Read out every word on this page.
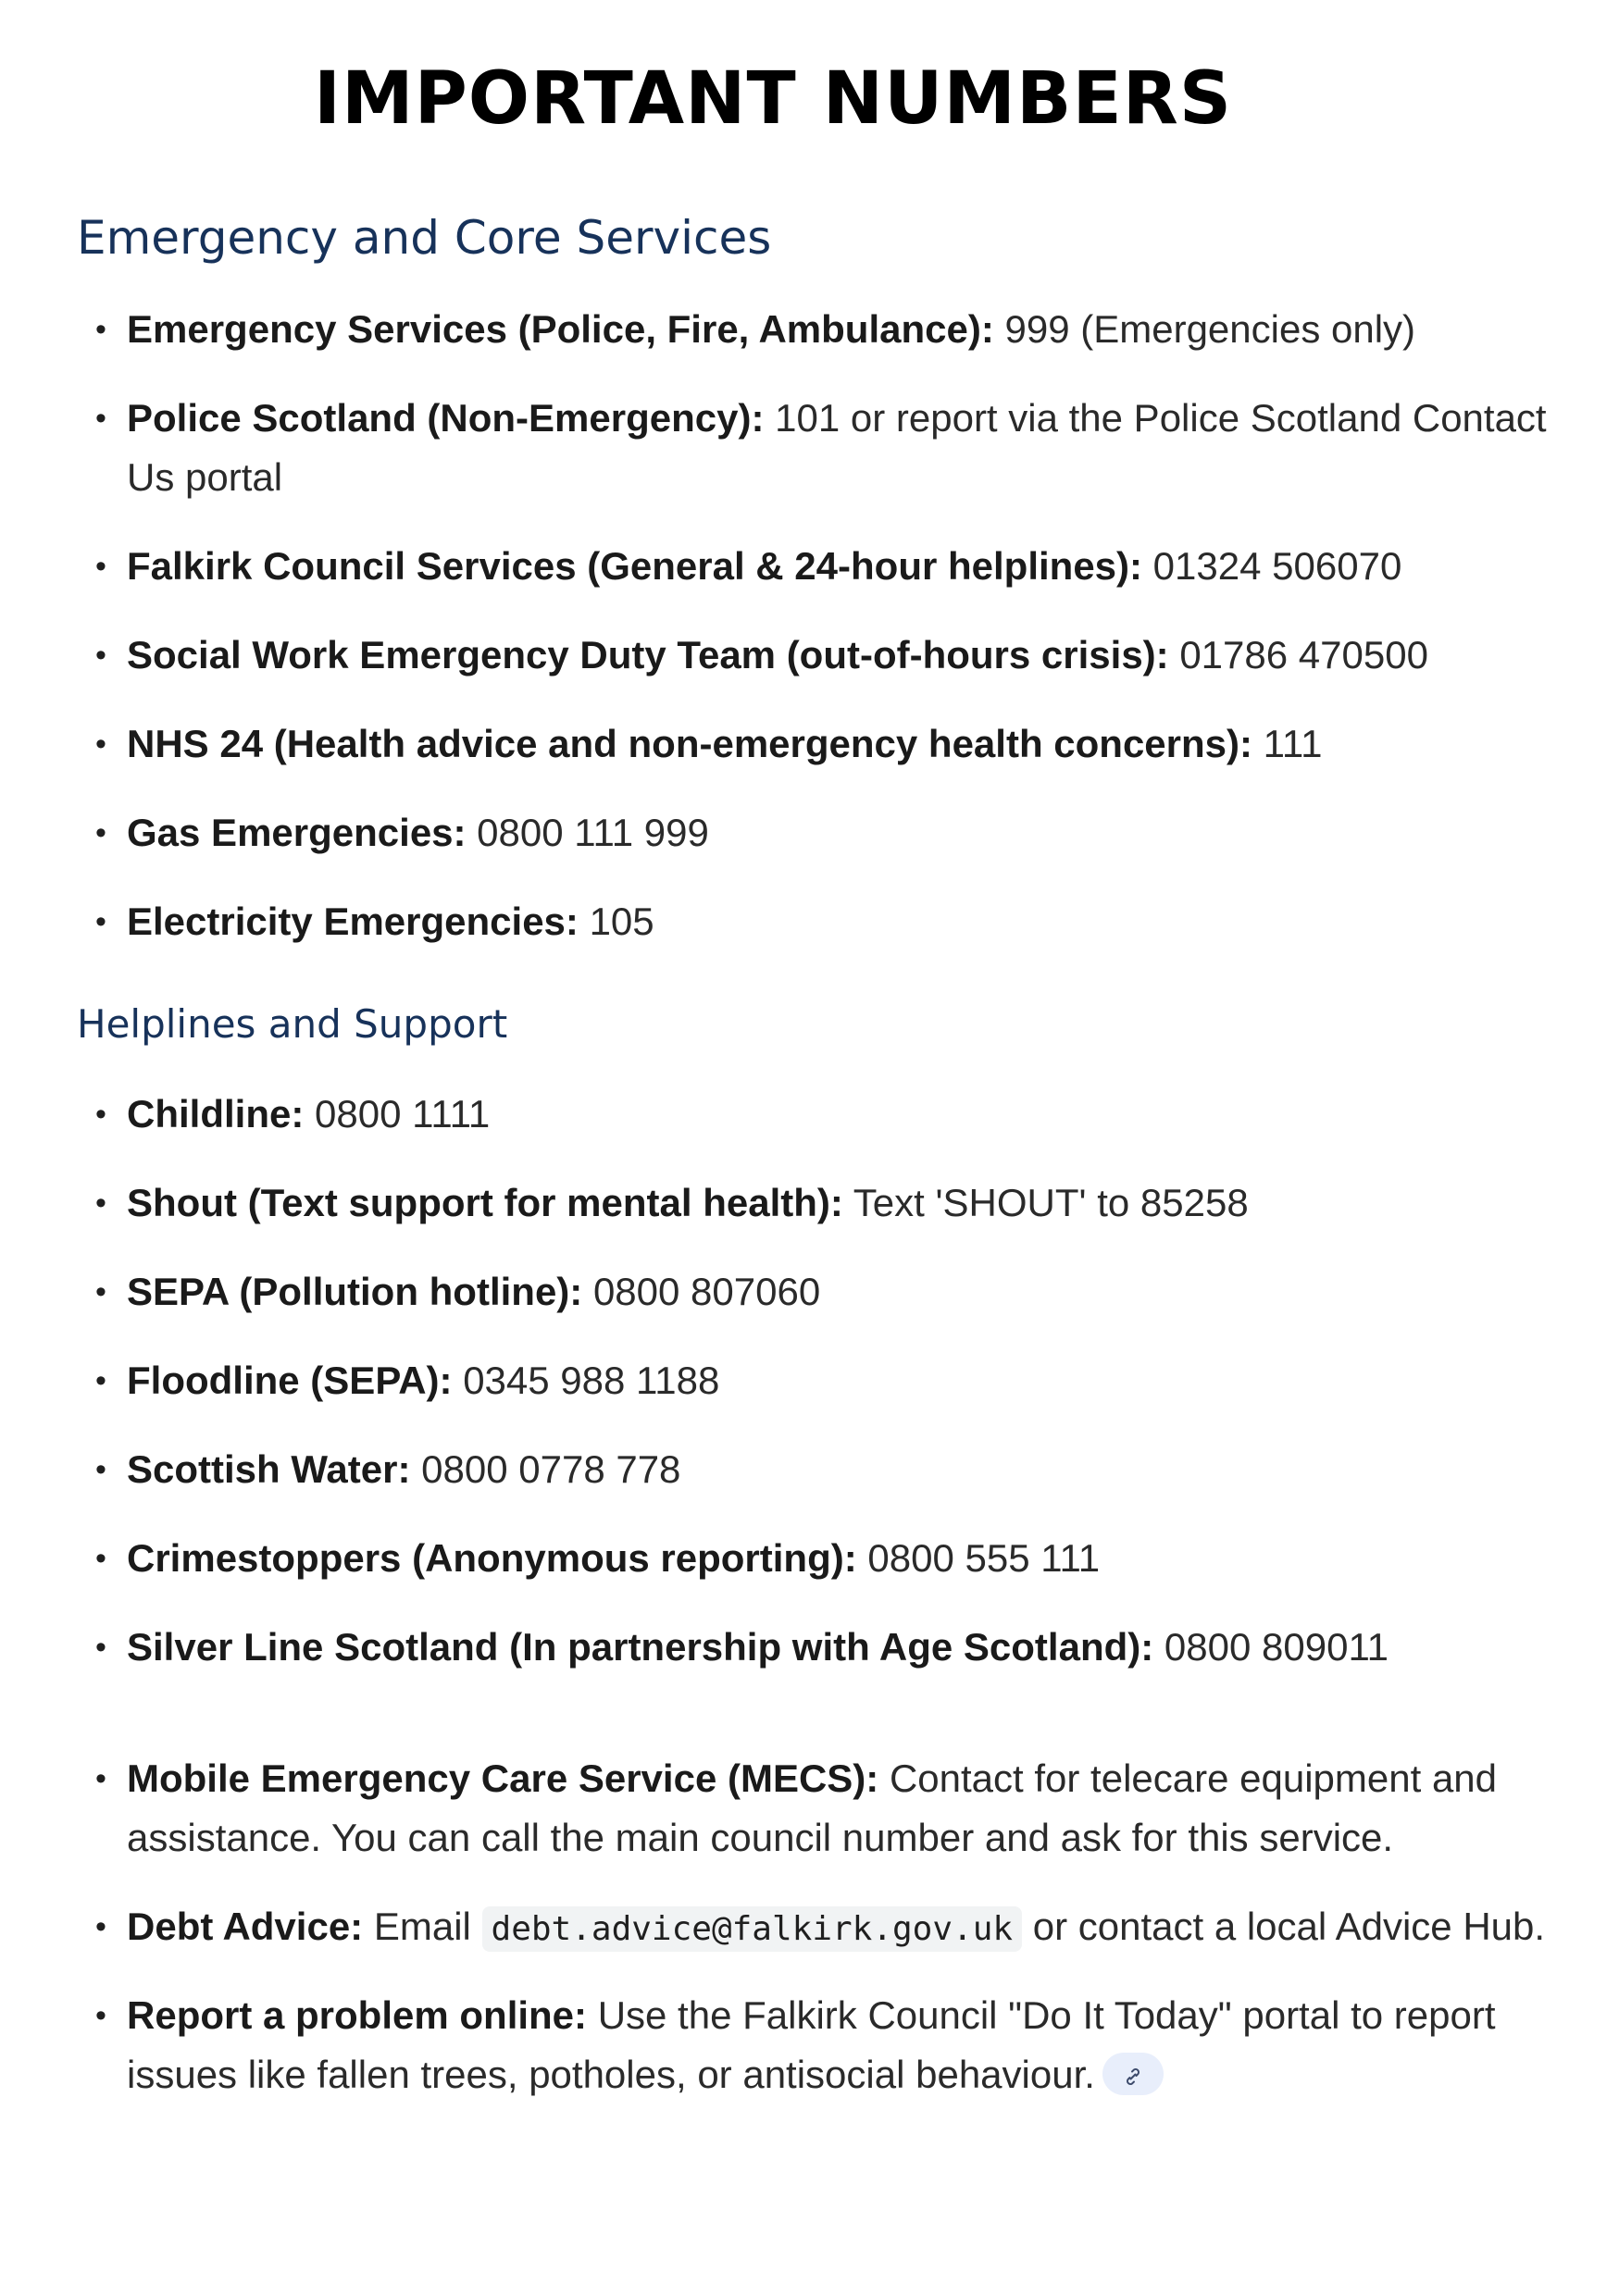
IMPORTANT NUMBERS
Emergency and Core Services
• Emergency Services (Police, Fire, Ambulance): 999 (Emergencies only)
• Police Scotland (Non-Emergency): 101 or report via the Police Scotland Contact Us portal
• Falkirk Council Services (General & 24-hour helplines): 01324 506070
• Social Work Emergency Duty Team (out-of-hours crisis): 01786 470500
• NHS 24 (Health advice and non-emergency health concerns): 111
• Gas Emergencies: 0800 111 999
• Electricity Emergencies: 105
Helplines and Support
• Childline: 0800 1111
• Shout (Text support for mental health): Text 'SHOUT' to 85258
• SEPA (Pollution hotline): 0800 807060
• Floodline (SEPA): 0345 988 1188
• Scottish Water: 0800 0778 778
• Crimestoppers (Anonymous reporting): 0800 555 111
• Silver Line Scotland (In partnership with Age Scotland): 0800 809011
• Mobile Emergency Care Service (MECS): Contact for telecare equipment and assistance. You can call the main council number and ask for this service.
• Debt Advice: Email debt.advice@falkirk.gov.uk or contact a local Advice Hub.
• Report a problem online: Use the Falkirk Council "Do It Today" portal to report issues like fallen trees, potholes, or antisocial behaviour.
